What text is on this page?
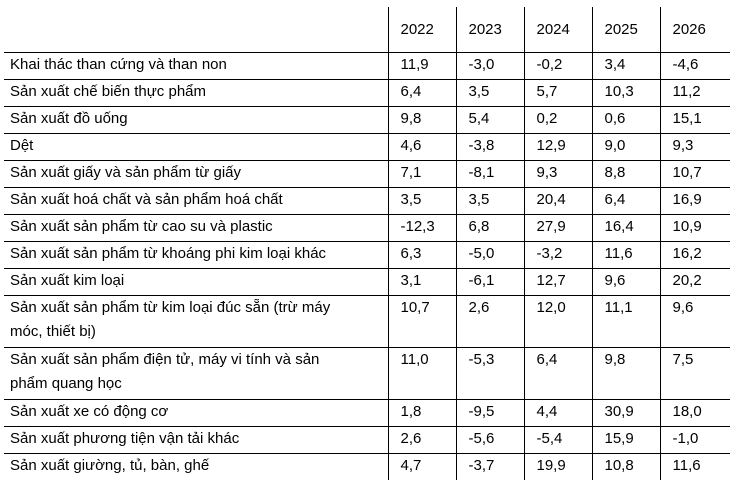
	2022	2023	2024	2025	2026
Khai thác than cứng và than non	11,9	-3,0	-0,2	3,4	-4,6
Sản xuất chế biến thực phẩm	6,4	3,5	5,7	10,3	11,2
Sản xuất đồ uống	9,8	5,4	0,2	0,6	15,1
Dệt	4,6	-3,8	12,9	9,0	9,3
Sản xuất giấy và sản phẩm từ giấy	7,1	-8,1	9,3	8,8	10,7
Sản xuất hoá chất và sản phẩm hoá chất	3,5	3,5	20,4	6,4	16,9
Sản xuất sản phẩm từ cao su và plastic	-12,3	6,8	27,9	16,4	10,9
Sản xuất sản phẩm từ khoáng phi kim loại khác	6,3	-5,0	-3,2	11,6	16,2
Sản xuất kim loại	3,1	-6,1	12,7	9,6	20,2

Sản xuất sản phẩm từ kim loại đúc sẵn (trừ máy
móc, thiết bị)	10,7	2,6	12,0	11,1	9,6

Sản xuất sản phẩm điện tử, máy vi tính và sản
phẩm quang học	11,0	-5,3	6,4	9,8	7,5
Sản xuất xe có động cơ	1,8	-9,5	4,4	30,9	18,0
Sản xuất phương tiện vận tải khác	2,6	-5,6	-5,4	15,9	-1,0
Sản xuất giường, tủ, bàn, ghế	4,7	-3,7	19,9	10,8	11,6
